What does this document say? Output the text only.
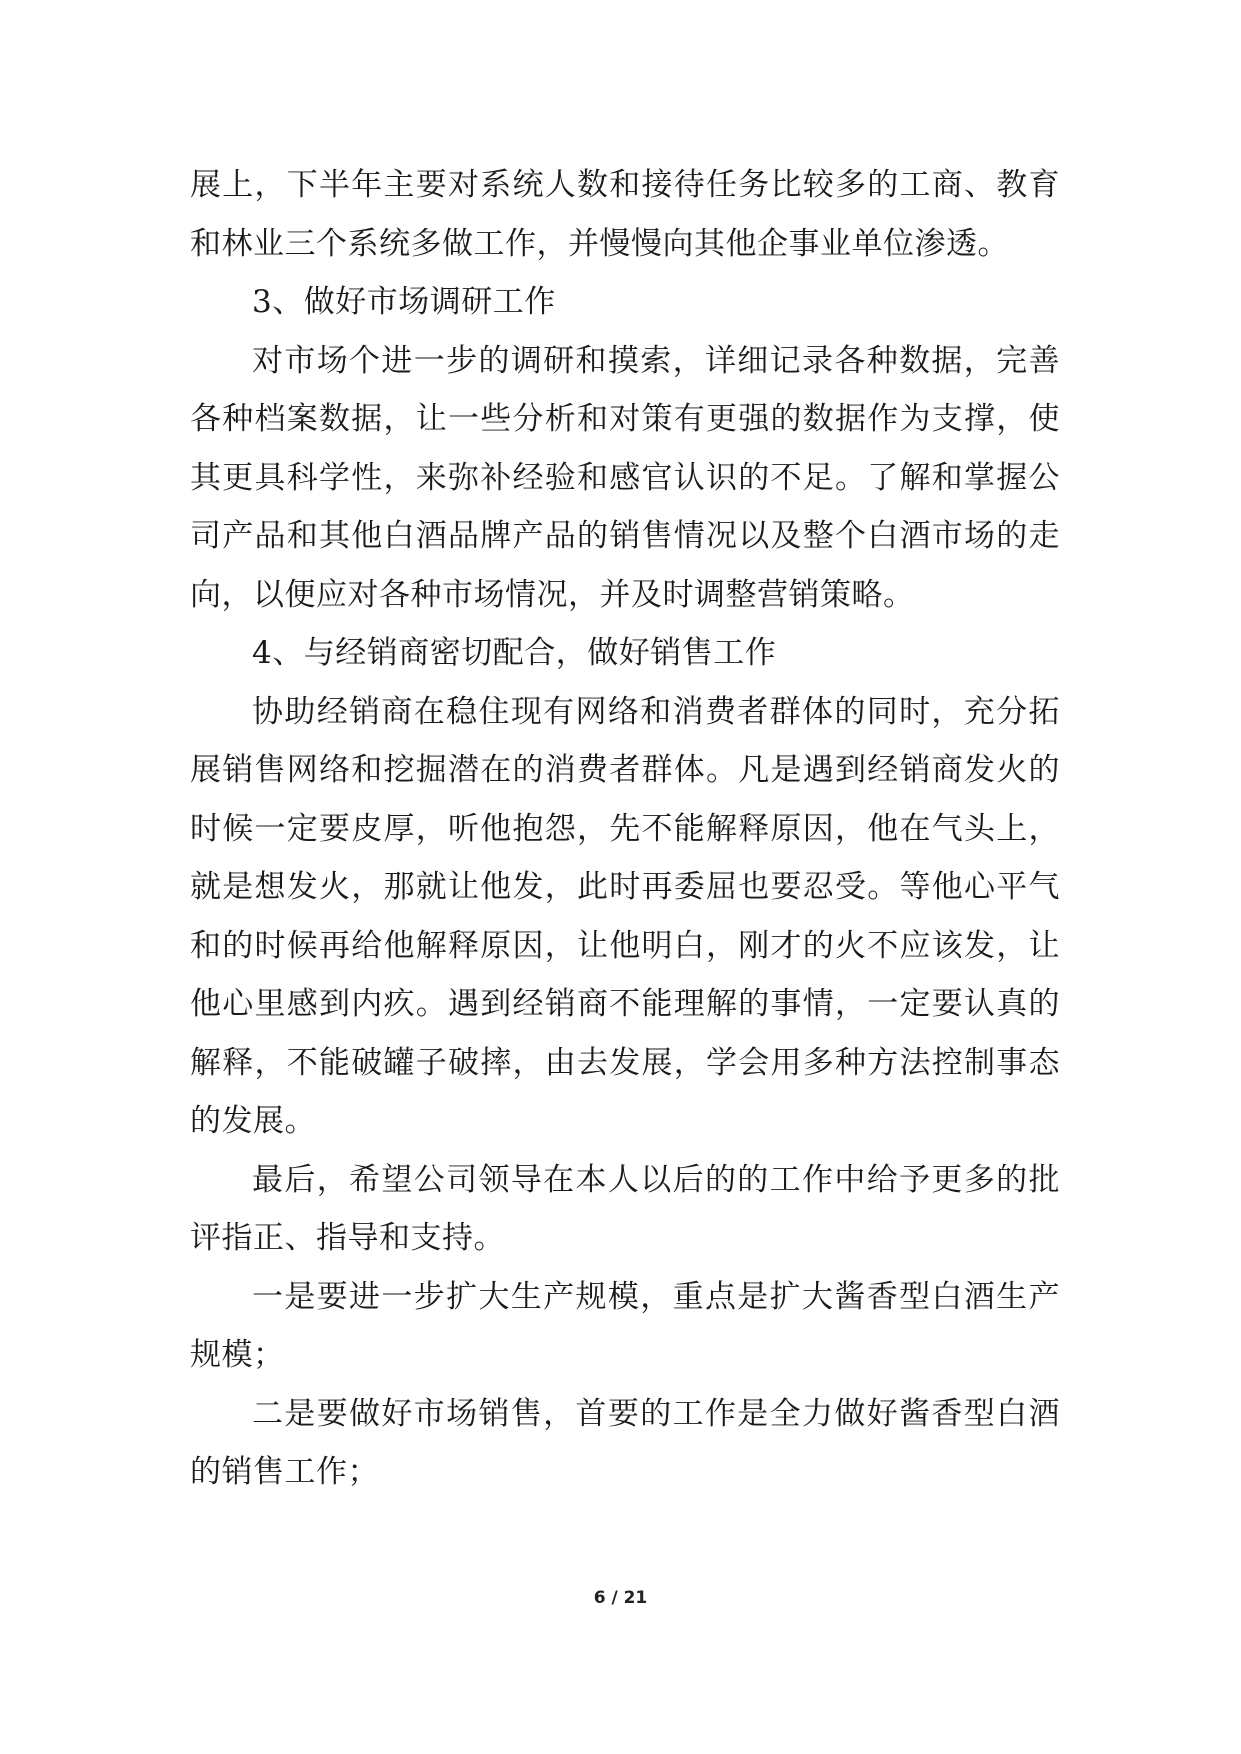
展上，下半年主要对系统人数和接待任务比较多的工商、教育和林业三个系统多做工作，并慢慢向其他企事业单位渗透。

3、做好市场调研工作

对市场个进一步的调研和摸索，详细记录各种数据，完善各种档案数据，让一些分析和对策有更强的数据作为支撑，使其更具科学性，来弥补经验和感官认识的不足。了解和掌握公司产品和其他白酒品牌产品的销售情况以及整个白酒市场的走向，以便应对各种市场情况，并及时调整营销策略。

4、与经销商密切配合，做好销售工作

协助经销商在稳住现有网络和消费者群体的同时，充分拓展销售网络和挖掘潜在的消费者群体。凡是遇到经销商发火的时候一定要皮厚，听他抱怨，先不能解释原因，他在气头上，就是想发火，那就让他发，此时再委屈也要忍受。等他心平气和的时候再给他解释原因，让他明白，刚才的火不应该发，让他心里感到内疚。遇到经销商不能理解的事情，一定要认真的解释，不能破罐子破摔，由去发展，学会用多种方法控制事态的发展。

最后，希望公司领导在本人以后的的工作中给予更多的批评指正、指导和支持。

一是要进一步扩大生产规模，重点是扩大酱香型白酒生产规模；

二是要做好市场销售，首要的工作是全力做好酱香型白酒的销售工作；

6 / 21
